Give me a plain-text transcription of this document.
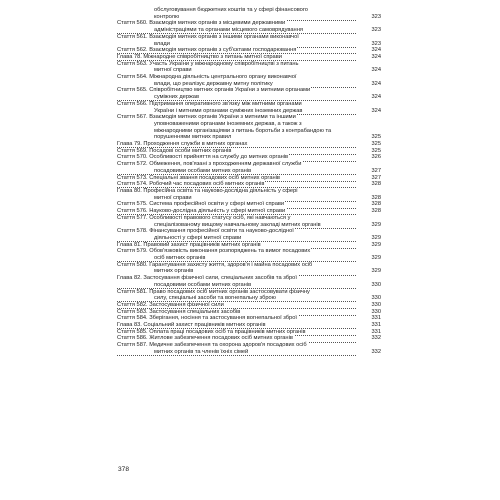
обслуговування бюджетних коштів та у сфері фінансового
контролю	323
Стаття 560. Взаємодія митних органів з місцевими державними
адміністраціями та органами місцевого самоврядування	323
Стаття 561. Взаємодія митних органів з іншими органами виконавчої
влади	323
Стаття 562. Взаємодія митних органів з суб'єктами господарювання	324
Глава 78. Міжнародне співробітництво з питань митної справи	324
Стаття 563. Участь України у міжнародному співробітництві з питань
митної справи	324
Стаття 564. Міжнародна діяльність центрального органу виконавчої
влади, що реалізує державну митну політику	324
Стаття 565. Співробітництво митних органів України з митними органами
суміжних держав	324
Стаття 566. Підтримання оперативного зв'язку між митними органами
України і митними органами суміжних іноземних держав	324
Стаття 567. Взаємодія митних органів України з митними та іншими
уповноваженими органами іноземних держав, а також з
міжнародними організаціями з питань боротьби з контрабандою та
порушеннями митних правил	325
Глава 79. Проходження служби в митних органах	325
Стаття 569. Посадові особи митних органів	325
Стаття 570. Особливості прийняття на службу до митних органів	326
Стаття 572. Обмеження, пов'язані з проходженням державної служби
посадовими особами митних органів	327
Стаття 573. Спеціальні звання посадових осіб митних органів	327
Стаття 574. Робочий час посадових осіб митних органів	328
Глава 80. Професійна освіта та науково-дослідна діяльність у сфері
митної справи	328
Стаття 575. Система професійної освіти у сфері митної справи	328
Стаття 576. Науково-дослідна діяльність у сфері митної справи	328
Стаття 577. Особливості правового статусу осіб, які навчаються у
спеціалізованому вищому навчальному закладі митних органів	329
Стаття 578. Фінансування професійної освіти та науково-дослідної
діяльності у сфері митної справи	329
Глава 81. Правовий захист працівників митних органів	329
Стаття 579. Обов'язковість виконання розпоряджень та вимог посадових
осіб митних органів	329
Стаття 580. Гарантування захисту життя, здоров'я і майна посадових осіб
митних органів	329
Глава 82. Застосування фізичної сили, спеціальних засобів та зброї
посадовими особами митних органів	330
Стаття 581. Право посадових осіб митних органів застосовувати фізичну
силу, спеціальні засоби та вогнепальну зброю	330
Стаття 582. Застосування фізичної сили	330
Стаття 583. Застосування спеціальних засобів	330
Стаття 584. Зберігання, носіння та застосування вогнепальної зброї	331
Глава 83. Соціальний захист працівників митних органів	331
Стаття 585. Оплата праці посадових осіб та працівників митних органів	331
Стаття 586. Житлове забезпечення посадових осіб митних органів	332
Стаття 587. Медичне забезпечення та охорона здоров'я посадових осіб
митних органів та членів їхніх сімей	332
378
